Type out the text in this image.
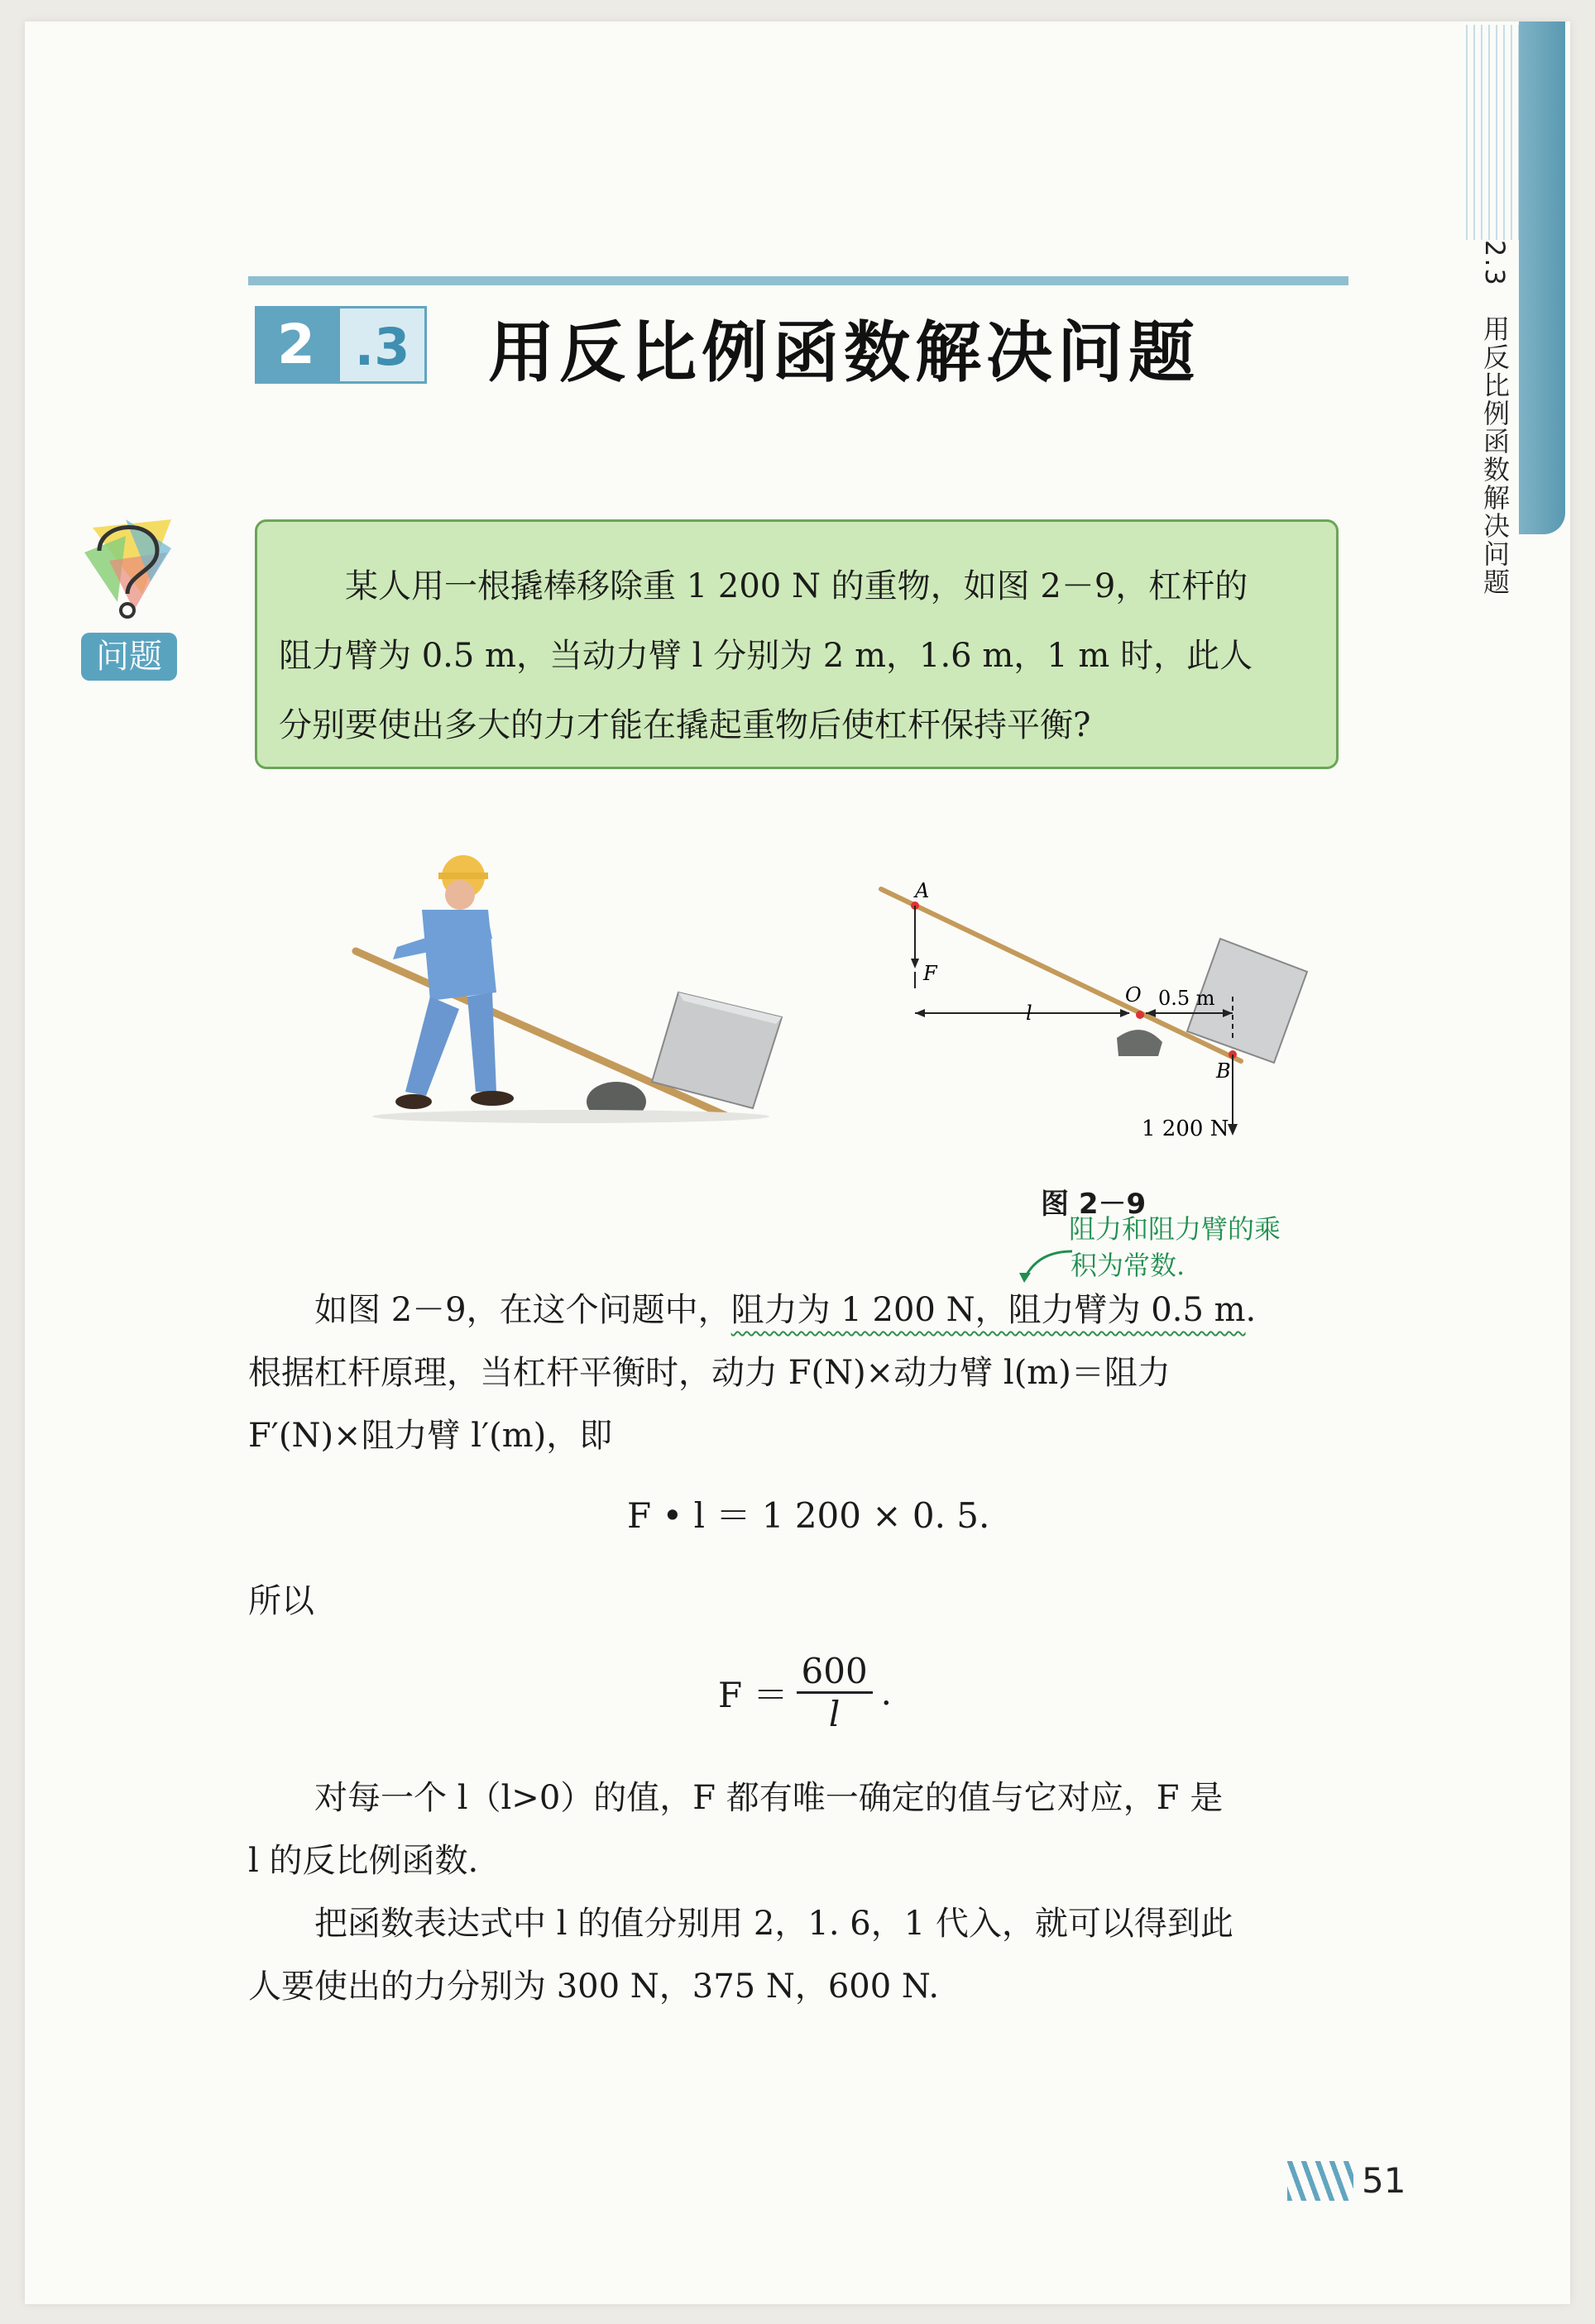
2.3 用反比例函数解决问题
2 .3 用反比例函数解决问题
问题

某人用一根撬棒移除重 1 200 N 的重物，如图 2－9，杠杆的

阻力臂为 0.5 m，当动力臂 l 分别为 2 m，1.6 m，1 m 时，此人

分别要使出多大的力才能在撬起重物后使杠杆保持平衡?

A
F
O 0.5 m
B
l
1 200 N
图 2－9

阻力和阻力臂的乘

积为常数.

如图 2－9，在这个问题中，阻力为 1 200 N，阻力臂为 0.5 m.

根据杠杆原理，当杠杆平衡时，动力 F(N)×动力臂 l(m)＝阻力

F′(N)×阻力臂 l′(m)，即

F • l ＝ 1 200 × 0. 5.
所以
$F = \frac{600}{l}$ .

对每一个 l（l>0）的值，F 都有唯一确定的值与它对应，F 是

l 的反比例函数.

把函数表达式中 l 的值分别用 2，1. 6，1 代入，就可以得到此

人要使出的力分别为 300 N，375 N，600 N.

51
